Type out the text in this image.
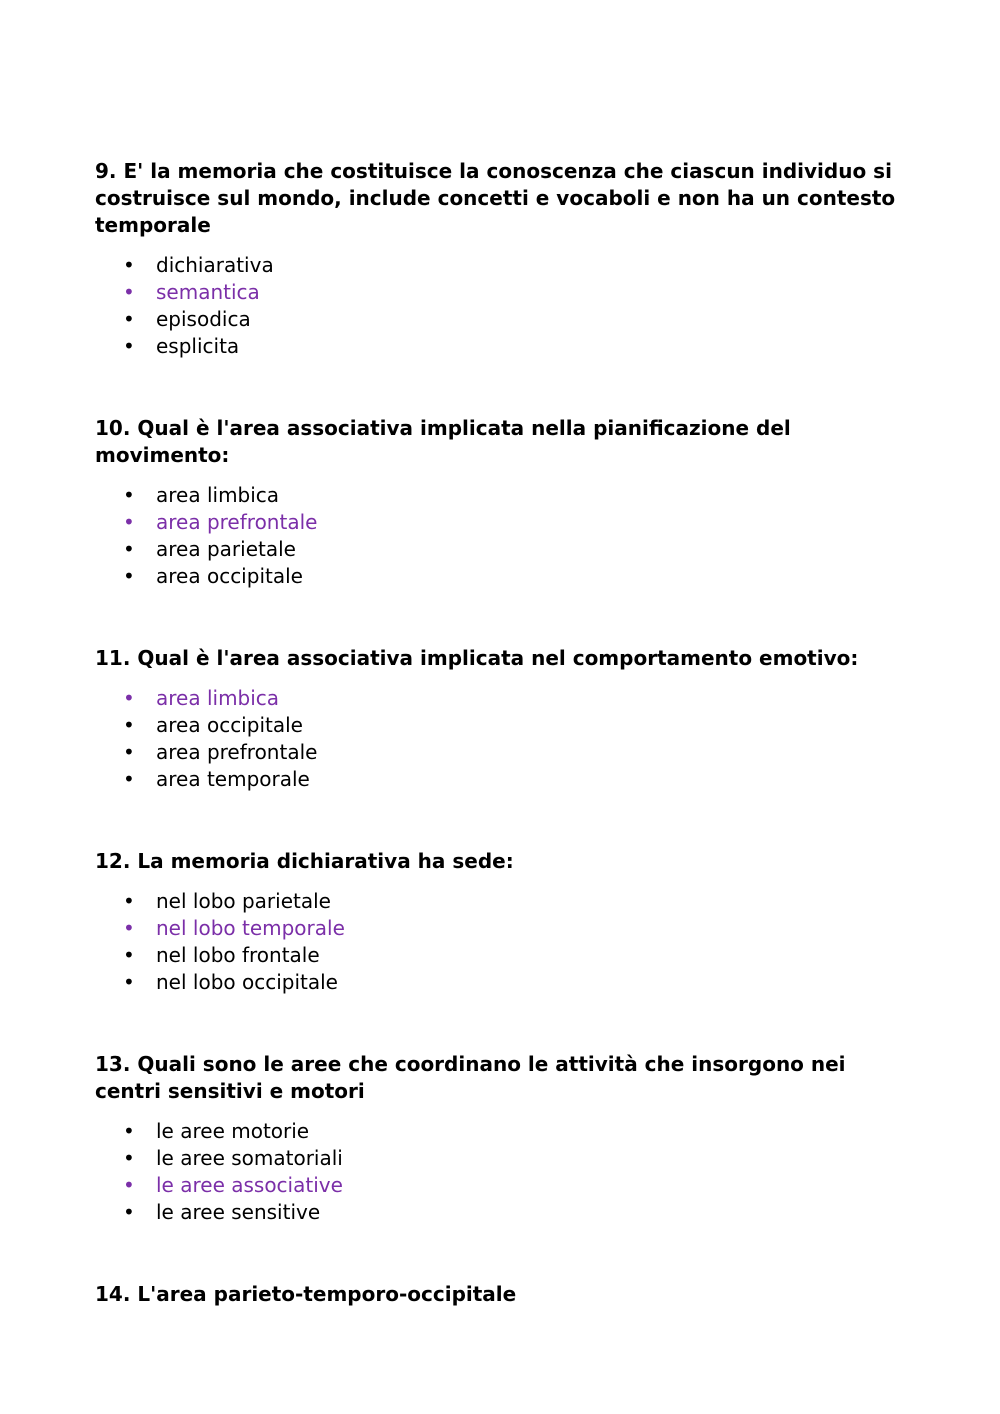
9. E' la memoria che costituisce la conoscenza che ciascun individuo si costruisce sul mondo, include concetti e vocaboli e non ha un contesto temporale

• dichiarativa
• semantica
• episodica
• esplicita

10. Qual è l'area associativa implicata nella pianificazione del movimento:

• area limbica
• area prefrontale
• area parietale
• area occipitale

11. Qual è l'area associativa implicata nel comportamento emotivo:

• area limbica
• area occipitale
• area prefrontale
• area temporale

12. La memoria dichiarativa ha sede:

• nel lobo parietale
• nel lobo temporale
• nel lobo frontale
• nel lobo occipitale

13. Quali sono le aree che coordinano le attività che insorgono nei centri sensitivi e motori

• le aree motorie
• le aree somatoriali
• le aree associative
• le aree sensitive

14. L'area parieto-temporo-occipitale
